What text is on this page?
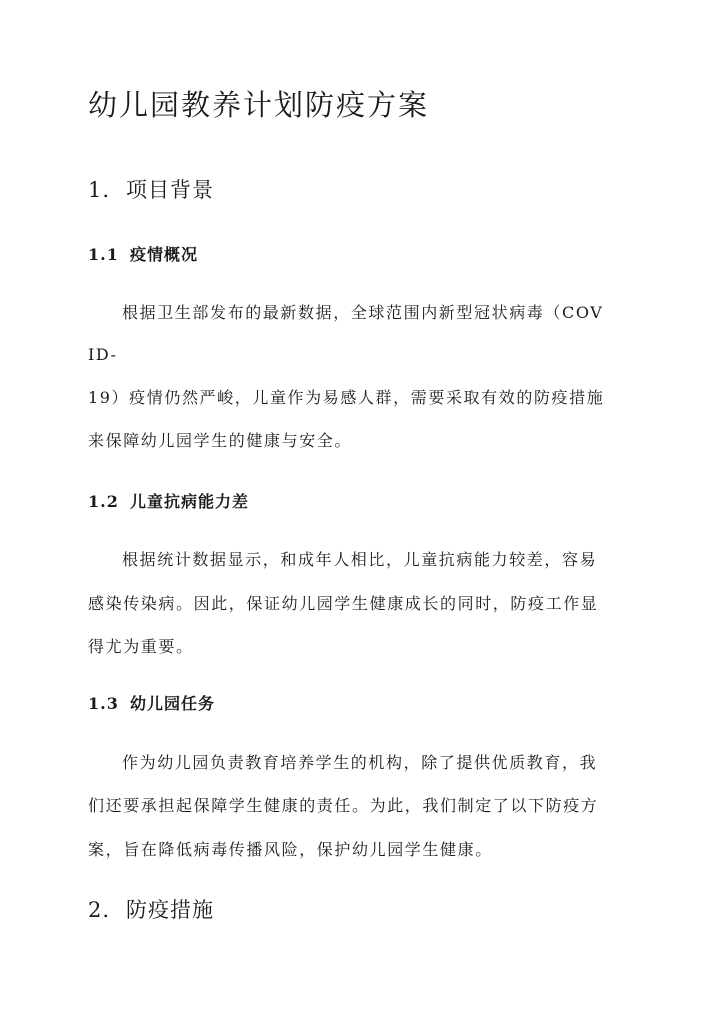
幼儿园教养计划防疫方案
1. 项目背景
1.1 疫情概况

根据卫生部发布的最新数据，全球范围内新型冠状病毒（COV

ID-

19）疫情仍然严峻，儿童作为易感人群，需要采取有效的防疫措施

来保障幼儿园学生的健康与安全。

1.2 儿童抗病能力差

根据统计数据显示，和成年人相比，儿童抗病能力较差，容易

感染传染病。因此，保证幼儿园学生健康成长的同时，防疫工作显

得尤为重要。

1.3 幼儿园任务

作为幼儿园负责教育培养学生的机构，除了提供优质教育，我

们还要承担起保障学生健康的责任。为此，我们制定了以下防疫方

案，旨在降低病毒传播风险，保护幼儿园学生健康。

2. 防疫措施
